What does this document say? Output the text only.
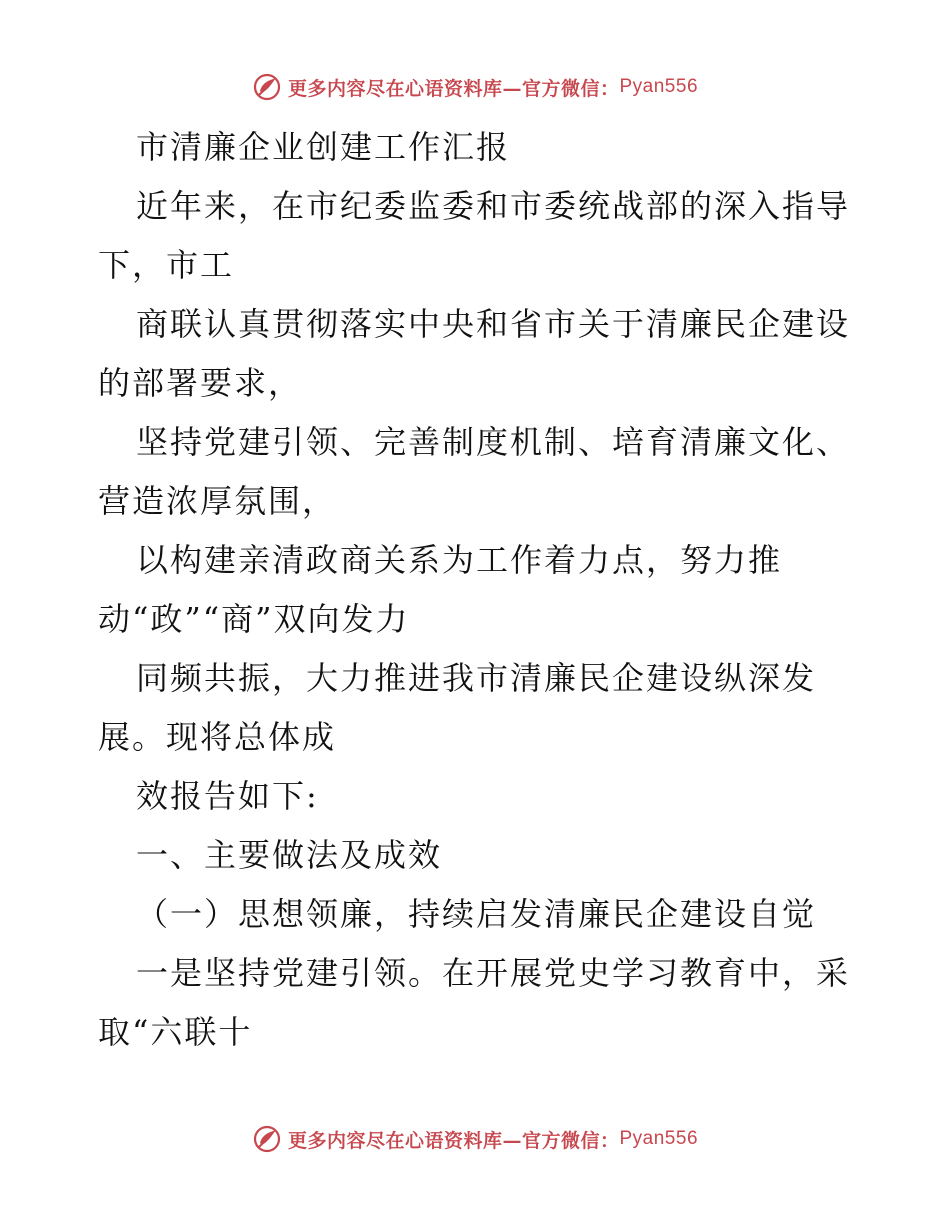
更多内容尽在心语资料库—官方微信： Pyan556

市清廉企业创建工作汇报

近年来，在市纪委监委和市委统战部的深入指导下，市工

商联认真贯彻落实中央和省市关于清廉民企建设的部署要求，

坚持党建引领、完善制度机制、培育清廉文化、营造浓厚氛围，

以构建亲清政商关系为工作着力点，努力推动“政”“商”双向发力

同频共振，大力推进我市清廉民企建设纵深发展。现将总体成

效报告如下:

一、主要做法及成效

（一）思想领廉，持续启发清廉民企建设自觉

一是坚持党建引领。在开展党史学习教育中，采取“六联十

更多内容尽在心语资料库—官方微信： Pyan556
